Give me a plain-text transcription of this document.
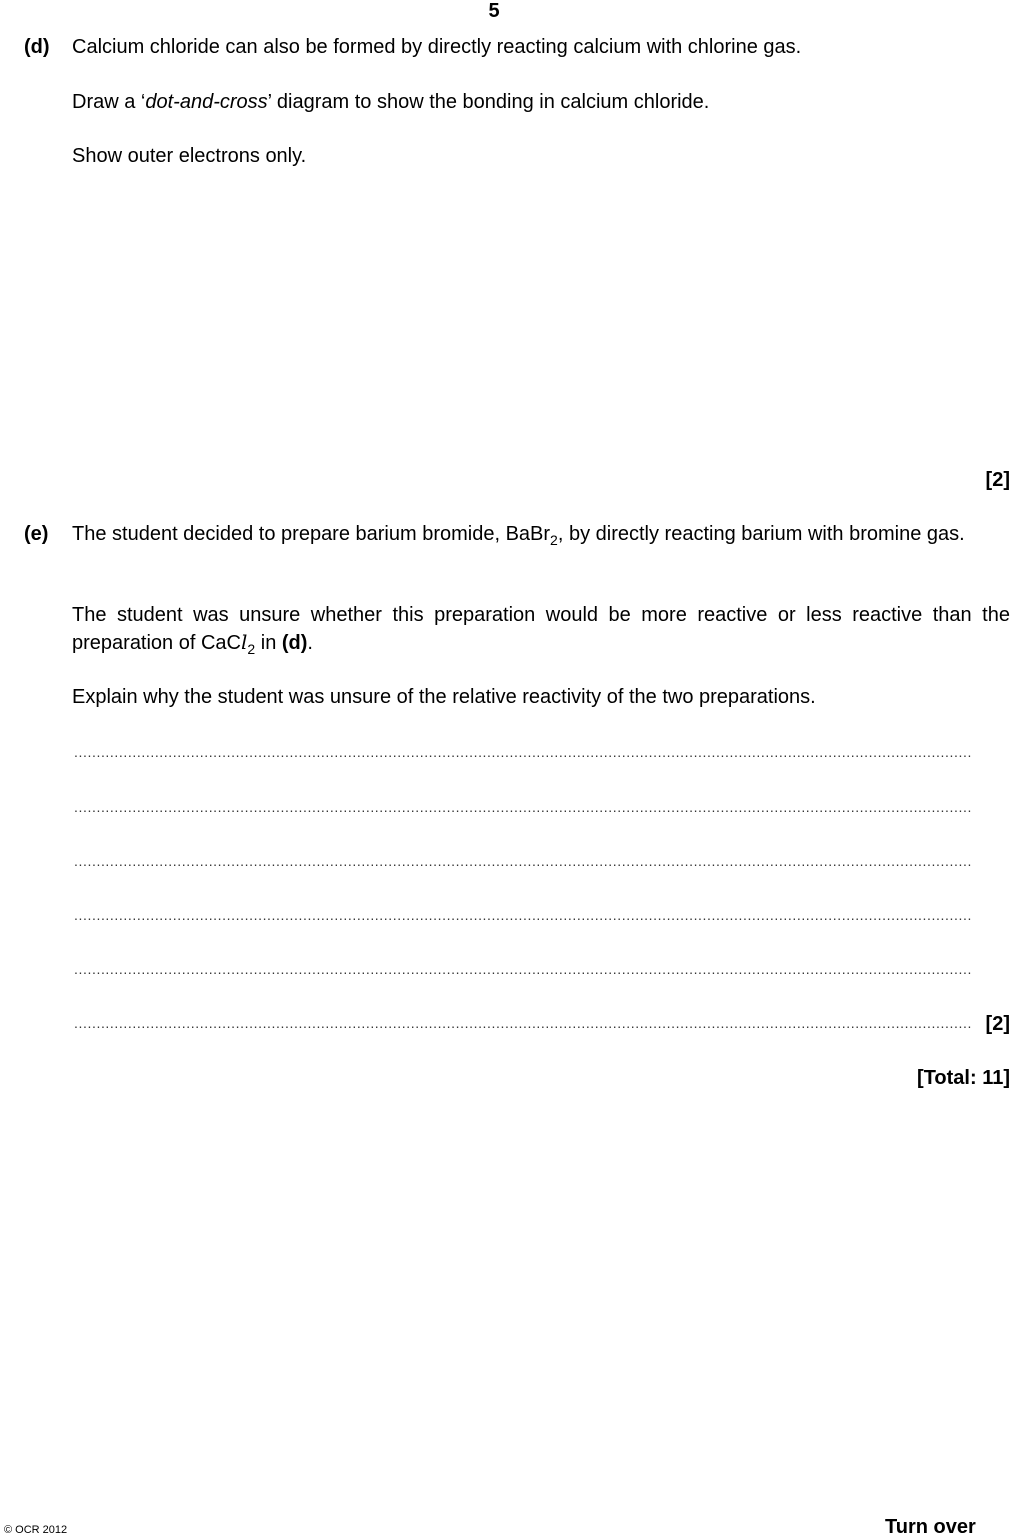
5
(d) Calcium chloride can also be formed by directly reacting calcium with chlorine gas.
Draw a ‘dot-and-cross’ diagram to show the bonding in calcium chloride.
Show outer electrons only.
[2]
(e) The student decided to prepare barium bromide, BaBr$_2$, by directly reacting barium with bromine gas.
The student was unsure whether this preparation would be more reactive or less reactive than the preparation of CaCl$_2$ in (d).
Explain why the student was unsure of the relative reactivity of the two preparations.
........................................................................................................................................................................................................
........................................................................................................................................................................................................
........................................................................................................................................................................................................
........................................................................................................................................................................................................
........................................................................................................................................................................................................
........................................................................................................................................................................................................ [2]
[Total: 11]
© OCR 2012	Turn over
